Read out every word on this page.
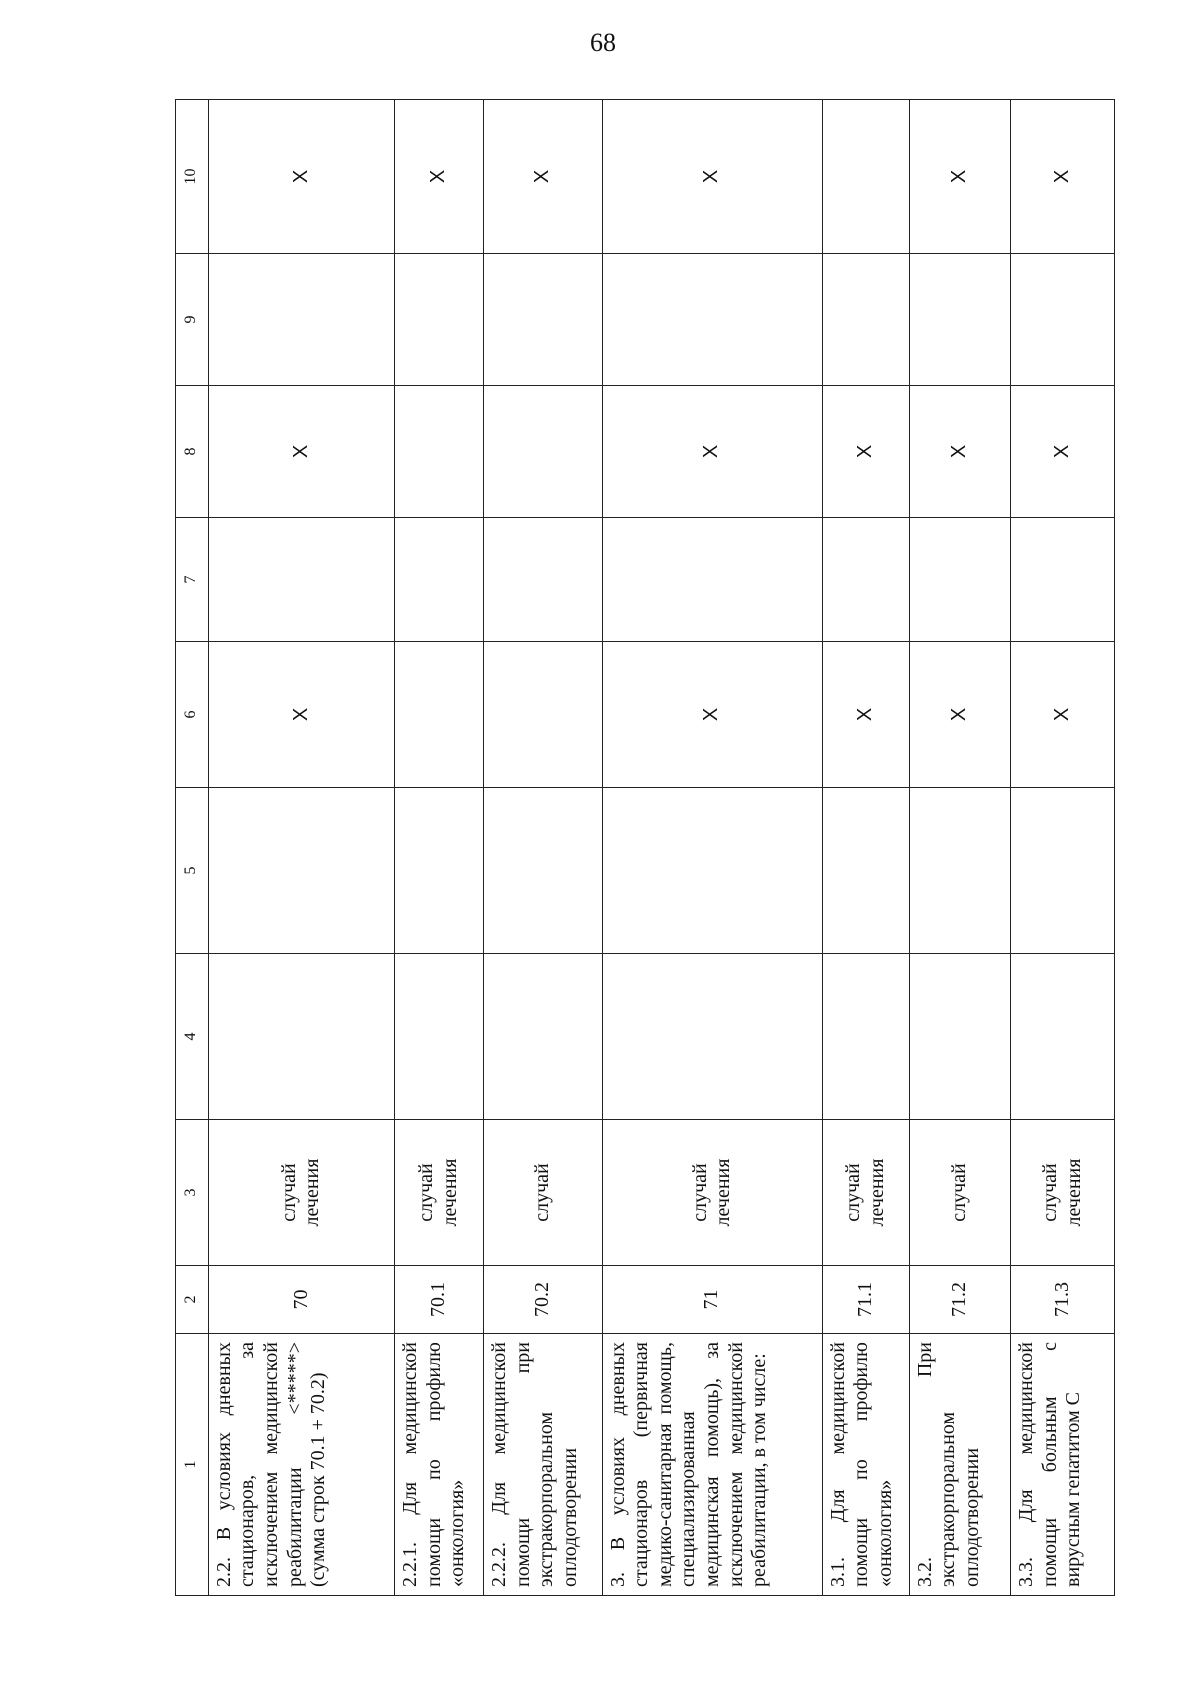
68
1	2	3	4	5	6	7	8	9	10
2.2. В условиях дневных стационаров, за исключением медицинской реабилитации <*****> (сумма строк 70.1 + 70.2)	70	случай лечения			X		X		X
2.2.1. Для медицинской помощи по профилю «онкология»	70.1	случай лечения							X
2.2.2. Для медицинской помощи при экстракорпоральном оплодотворении	70.2	случай							X
3. В условиях дневных стационаров (первичная медико-санитарная помощь, специализированная медицинская помощь), за исключением медицинской реабилитации, в том числе:	71	случай лечения			X		X		X
3.1. Для медицинской помощи по профилю «онкология»	71.1	случай лечения			X		X		
3.2. При экстракорпоральном оплодотворении	71.2	случай			X		X		X
3.3. Для медицинской помощи больным с вирусным гепатитом С	71.3	случай лечения			X		X		X
